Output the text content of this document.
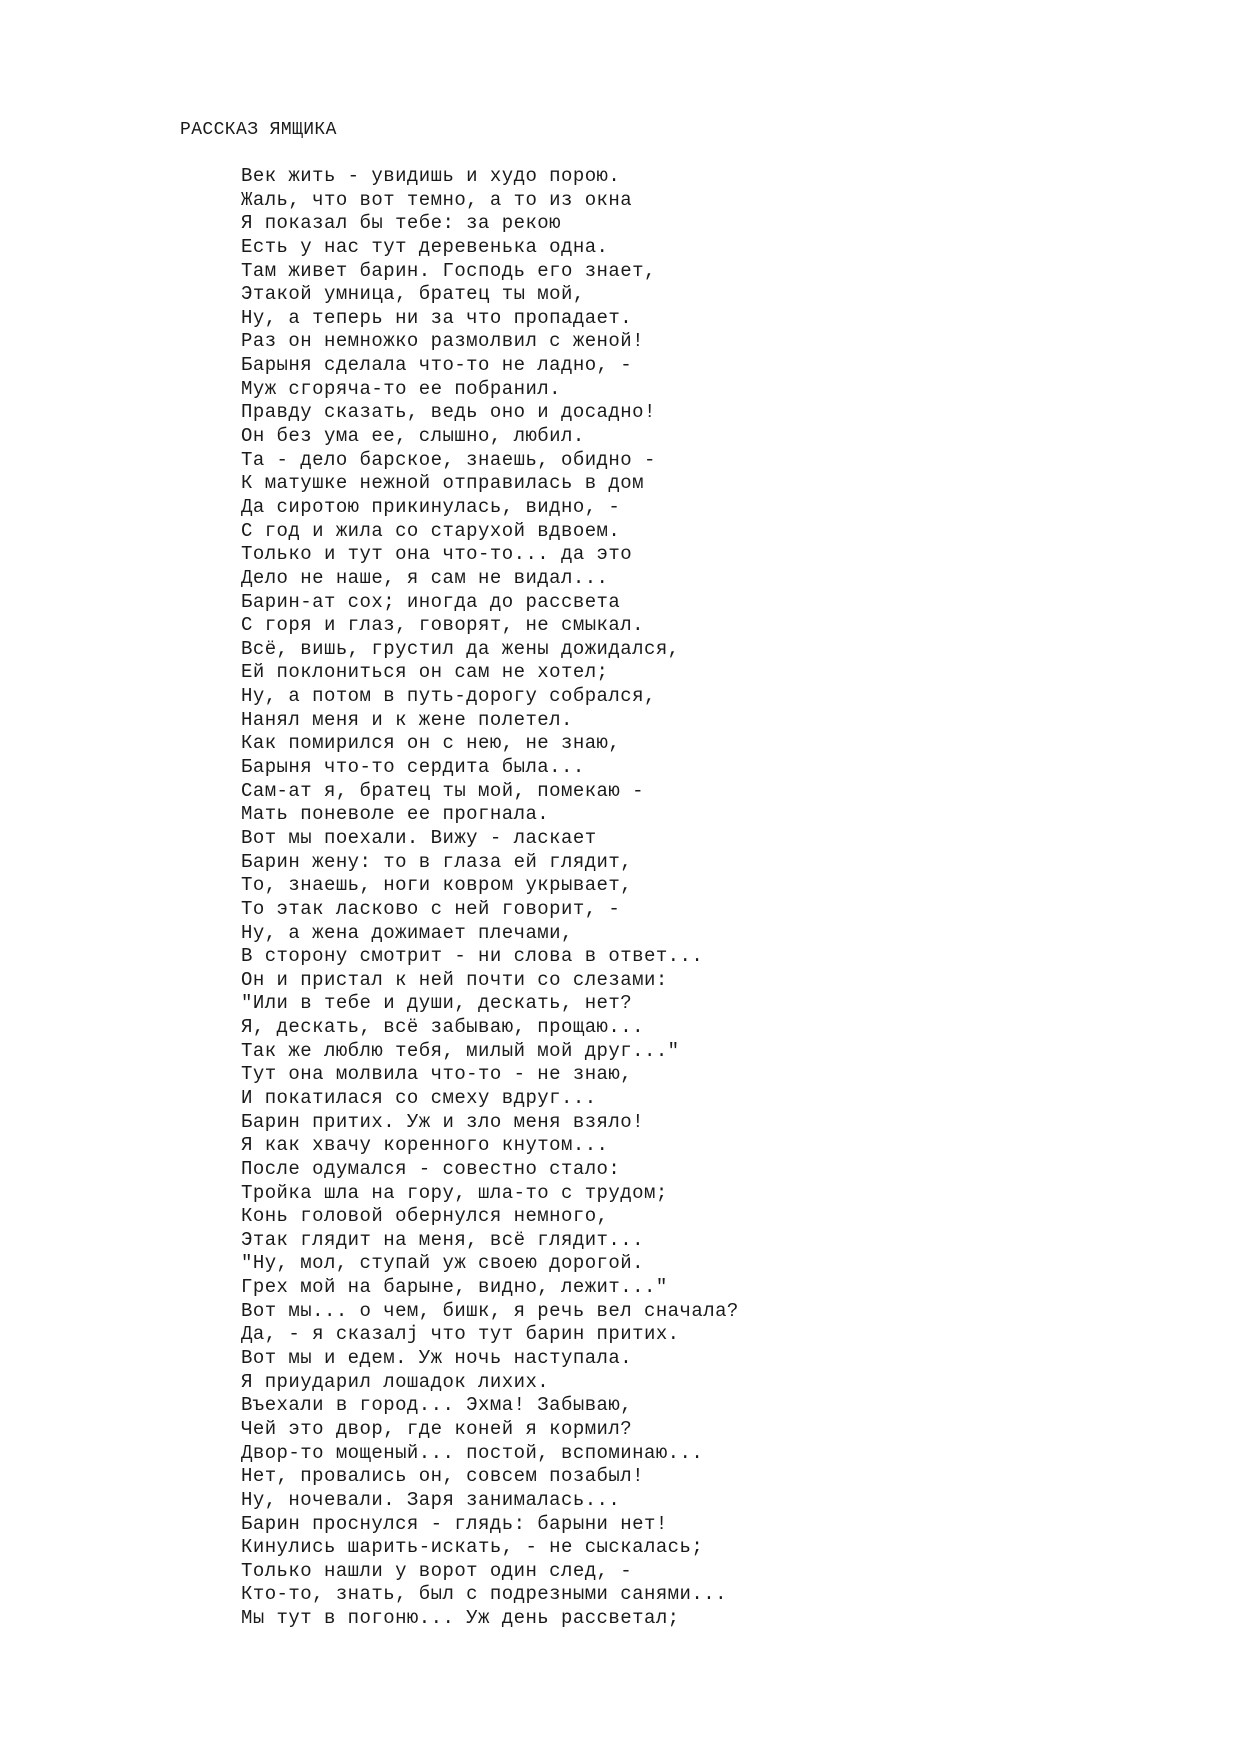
РАССКАЗ ЯМЩИКА
Век жить - увидишь и худо порою.
Жаль, что вот темно, а то из окна
Я показал бы тебе: за рекою
Есть у нас тут деревенька одна.
Там живет барин. Господь его знает,
Этакой умница, братец ты мой,
Ну, а теперь ни за что пропадает.
Раз он немножко размолвил с женой!
Барыня сделала что-то не ладно, -
Муж сгоряча-то ее побранил.
Правду сказать, ведь оно и досадно!
Он без ума ее, слышно, любил.
Та - дело барское, знаешь, обидно -
К матушке нежной отправилась в дом
Да сиротою прикинулась, видно, -
С год и жила со старухой вдвоем.
Только и тут она что-то... да это
Дело не наше, я сам не видал...
Барин-ат сох; иногда до рассвета
С горя и глаз, говорят, не смыкал.
Всё, вишь, грустил да жены дожидался,
Ей поклониться он сам не хотел;
Ну, а потом в путь-дорогу собрался,
Нанял меня и к жене полетел.
Как помирился он с нею, не знаю,
Барыня что-то сердита была...
Сам-ат я, братец ты мой, помекаю -
Мать поневоле ее прогнала.
Вот мы поехали. Вижу - ласкает
Барин жену: то в глаза ей глядит,
То, знаешь, ноги ковром укрывает,
То этак ласково с ней говорит, -
Ну, а жена дожимает плечами,
В сторону смотрит - ни слова в ответ...
Он и пристал к ней почти со слезами:
"Или в тебе и души, дескать, нет?
Я, дескать, всё забываю, прощаю...
Так же люблю тебя, милый мой друг..."
Тут она молвила что-то - не знаю,
И покатилася со смеху вдруг...
Барин притих. Уж и зло меня взяло!
Я как хвачу коренного кнутом...
После одумался - совестно стало:
Тройка шла на гору, шла-то с трудом;
Конь головой обернулся немного,
Этак глядит на меня, всё глядит...
"Ну, мол, ступай уж своею дорогой.
Грех мой на барыне, видно, лежит..."
Вот мы... о чем, бишк, я речь вел сначала?
Да, - я сказалј что тут барин притих.
Вот мы и едем. Уж ночь наступала.
Я приударил лошадок лихих.
Въехали в город... Эхма! Забываю,
Чей это двор, где коней я кормил?
Двор-то мощеный... постой, вспоминаю...
Нет, провались он, совсем позабыл!
Ну, ночевали. Заря занималась...
Барин проснулся - глядь: барыни нет!
Кинулись шарить-искать, - не сыскалась;
Только нашли у ворот один след, -
Кто-то, знать, был с подрезными санями...
Мы тут в погоню... Уж день рассветал;
